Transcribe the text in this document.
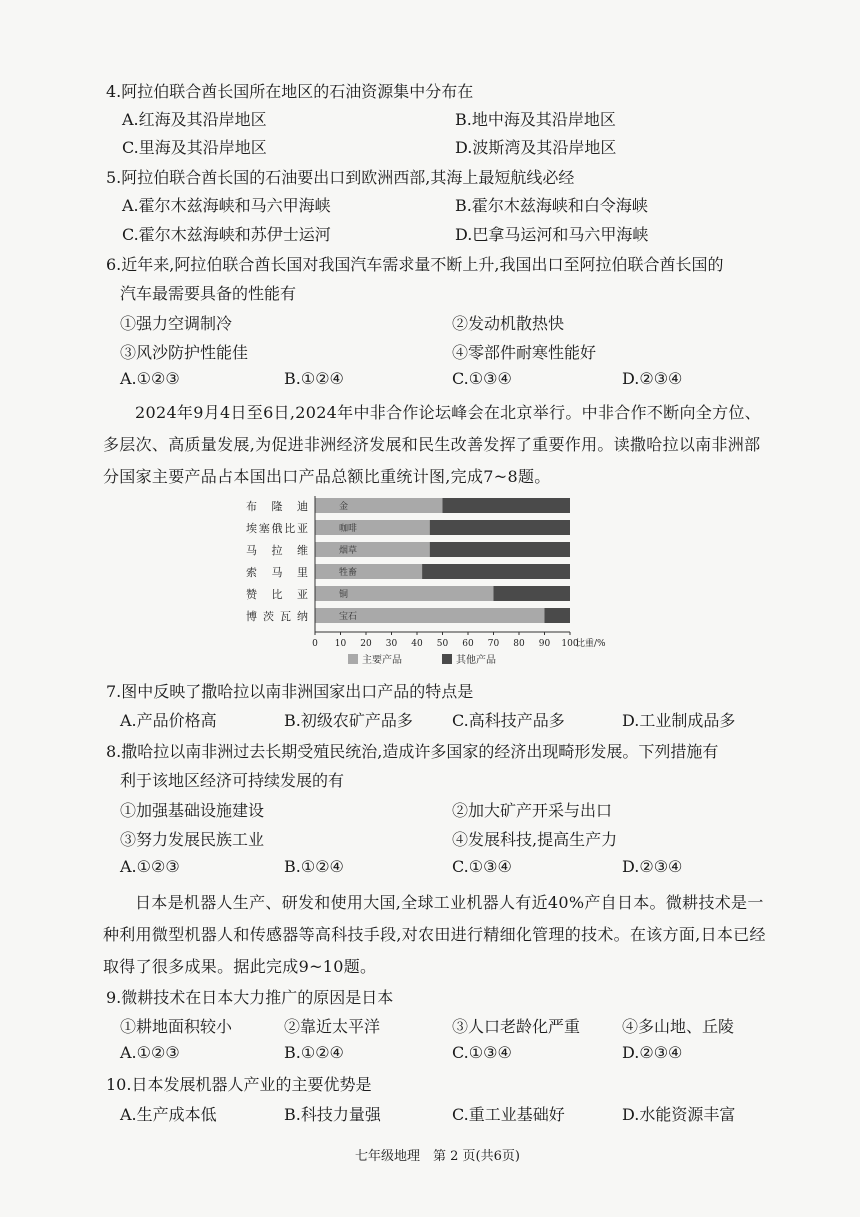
4.阿拉伯联合酋长国所在地区的石油资源集中分布在
A.红海及其沿岸地区	B.地中海及其沿岸地区
C.里海及其沿岸地区	D.波斯湾及其沿岸地区
5.阿拉伯联合酋长国的石油要出口到欧洲西部,其海上最短航线必经
A.霍尔木兹海峡和马六甲海峡	B.霍尔木兹海峡和白令海峡
C.霍尔木兹海峡和苏伊士运河	D.巴拿马运河和马六甲海峡
6.近年来,阿拉伯联合酋长国对我国汽车需求量不断上升,我国出口至阿拉伯联合酋长国的
汽车最需要具备的性能有
①强力空调制冷	②发动机散热快
③风沙防护性能佳	④零部件耐寒性能好
A.①②③	B.①②④	C.①③④	D.②③④
2024年9月4日至6日,2024年中非合作论坛峰会在北京举行。中非合作不断向全方位、多层次、高质量发展,为促进非洲经济发展和民生改善发挥了重要作用。读撒哈拉以南非洲部分国家主要产品占本国出口产品总额比重统计图,完成7~8题。
布隆迪	金
埃塞俄比亚	咖啡
马拉维	烟草
索马里	牲畜
赞比亚	铜
博茨瓦纳	宝石
0 10 20 30 40 50 60 70 80 90 100
比重/%
主要产品	其他产品
7.图中反映了撒哈拉以南非洲国家出口产品的特点是
A.产品价格高	B.初级农矿产品多 C.高科技产品多	D.工业制成品多
8.撒哈拉以南非洲过去长期受殖民统治,造成许多国家的经济出现畸形发展。下列措施有
利于该地区经济可持续发展的有
①加强基础设施建设	②加大矿产开采与出口
③努力发展民族工业	④发展科技,提高生产力
A.①②③	B.①②④	C.①③④	D.②③④
日本是机器人生产、研发和使用大国,全球工业机器人有近40%产自日本。微耕技术是一种利用微型机器人和传感器等高科技手段,对农田进行精细化管理的技术。在该方面,日本已经取得了很多成果。据此完成9~10题。
9.微耕技术在日本大力推广的原因是日本
①耕地面积较小	②靠近太平洋	③人口老龄化严重	④多山地、丘陵
A.①②③	B.①②④	C.①③④	D.②③④
10.日本发展机器人产业的主要优势是
A.生产成本低	B.科技力量强	C.重工业基础好	D.水能资源丰富
七年级地理　第 2 页(共6页)
